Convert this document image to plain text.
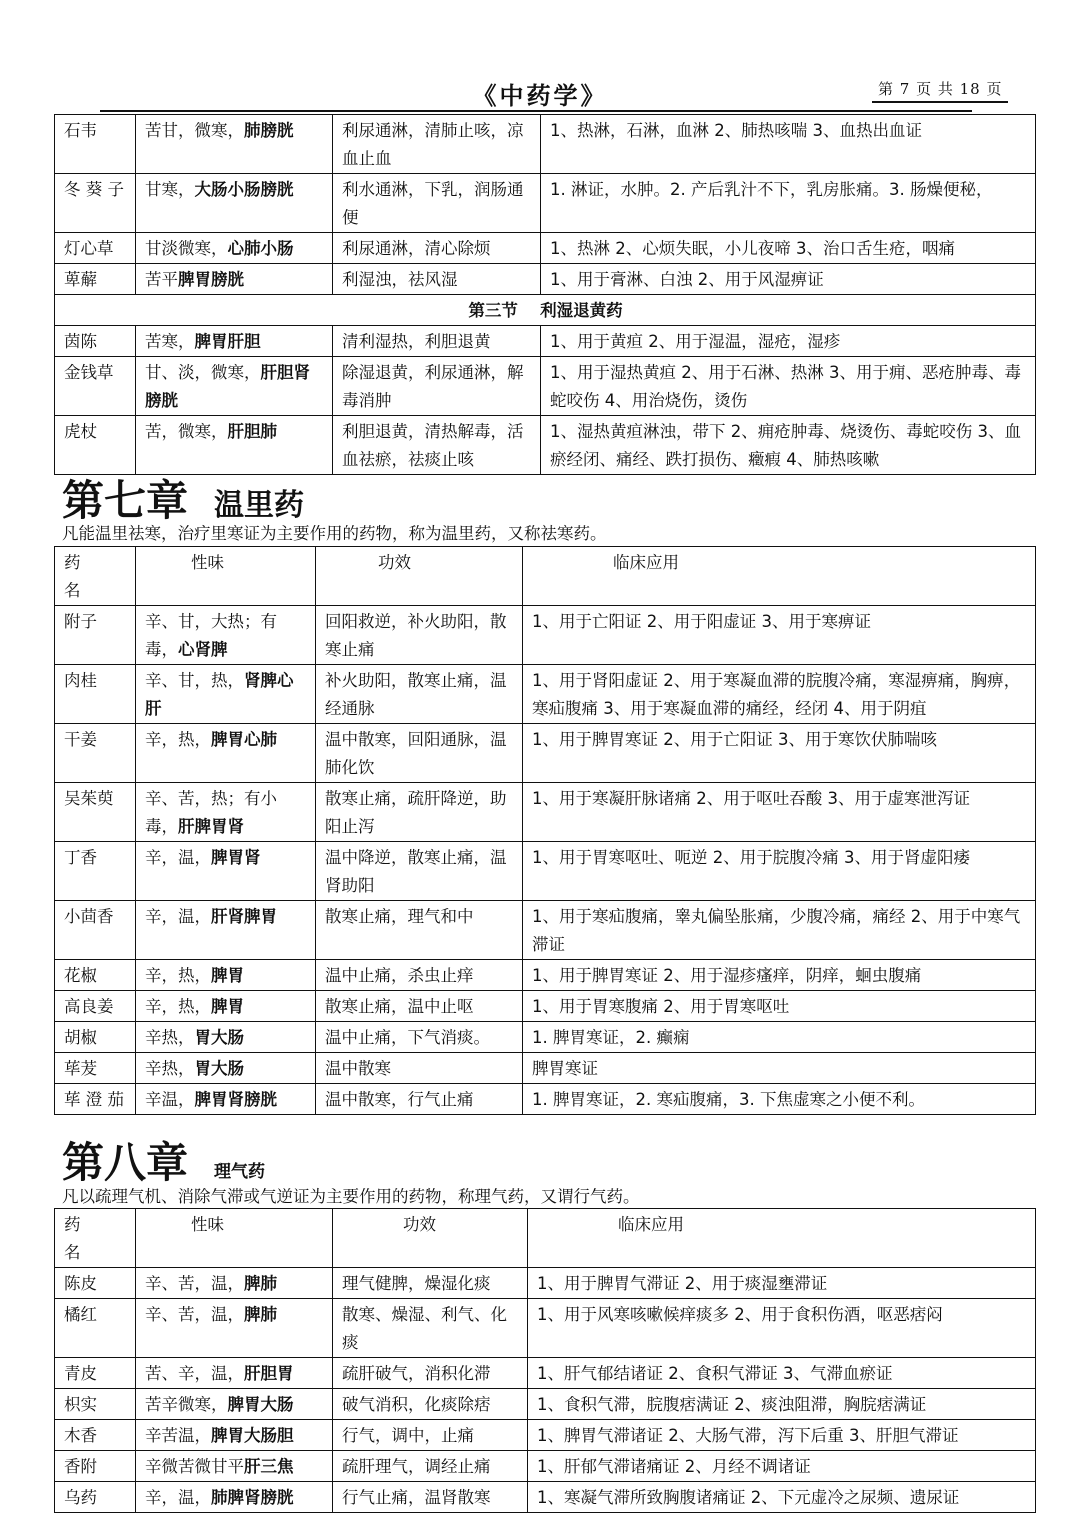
《中药学》	第 7 页 共 18 页
石韦	苦甘，微寒，肺膀胱	利尿通淋，清肺止咳，凉血止血	1、热淋，石淋，血淋 2、肺热咳喘 3、血热出血证
冬 葵 子	甘寒，大肠小肠膀胱	利水通淋，下乳，润肠通便	1. 淋证，水肿。2. 产后乳汁不下，乳房胀痛。3. 肠燥便秘，
灯心草	甘淡微寒，心肺小肠	利尿通淋，清心除烦	1、热淋 2、心烦失眠，小儿夜啼 3、治口舌生疮，咽痛
萆薢	苦平脾胃膀胱	利湿浊，祛风湿	1、用于膏淋、白浊 2、用于风湿痹证
第三节　 利湿退黄药			
茵陈	苦寒，脾胃肝胆	清利湿热，利胆退黄	1、用于黄疸 2、用于湿温，湿疮，湿疹
金钱草	甘、淡，微寒，肝胆肾膀胱	除湿退黄，利尿通淋，解毒消肿	1、用于湿热黄疸 2、用于石淋、热淋 3、用于痈、恶疮肿毒、毒蛇咬伤 4、用治烧伤，烫伤
虎杖	苦，微寒，肝胆肺	利胆退黄，清热解毒，活血祛瘀，祛痰止咳	1、湿热黄疸淋浊，带下 2、痈疮肿毒、烧烫伤、毒蛇咬伤 3、血瘀经闭、痛经、跌打损伤、癥瘕 4、肺热咳嗽
第七章 温里药
凡能温里祛寒，治疗里寒证为主要作用的药物，称为温里药，又称祛寒药。
药　　名	性味	功效	临床应用
附子	辛、甘，大热；有毒，心肾脾	回阳救逆，补火助阳，散寒止痛	1、用于亡阳证 2、用于阳虚证 3、用于寒痹证
肉桂	辛、甘，热，肾脾心肝	补火助阳，散寒止痛，温经通脉	1、用于肾阳虚证 2、用于寒凝血滞的脘腹冷痛，寒湿痹痛，胸痹，寒疝腹痛 3、用于寒凝血滞的痛经，经闭 4、用于阴疽
干姜	辛，热，脾胃心肺	温中散寒，回阳通脉，温肺化饮	1、用于脾胃寒证 2、用于亡阳证 3、用于寒饮伏肺喘咳
吴茱萸	辛、苦，热；有小毒，肝脾胃肾	散寒止痛，疏肝降逆，助阳止泻	1、用于寒凝肝脉诸痛 2、用于呕吐吞酸 3、用于虚寒泄泻证
丁香	辛，温，脾胃肾	温中降逆，散寒止痛，温肾助阳	1、用于胃寒呕吐、呃逆 2、用于脘腹冷痛 3、用于肾虚阳痿
小茴香	辛，温，肝肾脾胃	散寒止痛，理气和中	1、用于寒疝腹痛，睾丸偏坠胀痛，少腹冷痛，痛经 2、用于中寒气滞证
花椒	辛，热，脾胃	温中止痛，杀虫止痒	1、用于脾胃寒证 2、用于湿疹瘙痒，阴痒，蛔虫腹痛
高良姜	辛，热，脾胃	散寒止痛，温中止呕	1、用于胃寒腹痛 2、用于胃寒呕吐
胡椒	辛热，胃大肠	温中止痛，下气消痰。	1. 脾胃寒证，2. 癫痫
荜茇	辛热，胃大肠	温中散寒	脾胃寒证
荜 澄 茄	辛温，脾胃肾膀胱	温中散寒，行气止痛	1. 脾胃寒证，2. 寒疝腹痛，3. 下焦虚寒之小便不利。
第八章 理气药
凡以疏理气机、消除气滞或气逆证为主要作用的药物，称理气药，又谓行气药。
药　　名	性味	功效	临床应用
陈皮	辛、苦，温，脾肺	理气健脾，燥湿化痰	1、用于脾胃气滞证 2、用于痰湿壅滞证
橘红	辛、苦，温，脾肺	散寒、燥湿、利气、化痰	1、用于风寒咳嗽候痒痰多 2、用于食积伤酒，呕恶痞闷
青皮	苦、辛，温，肝胆胃	疏肝破气，消积化滞	1、肝气郁结诸证 2、食积气滞证 3、气滞血瘀证
枳实	苦辛微寒，脾胃大肠	破气消积，化痰除痞	1、食积气滞，脘腹痞满证 2、痰浊阻滞，胸脘痞满证
木香	辛苦温，脾胃大肠胆	行气，调中，止痛	1、脾胃气滞诸证 2、大肠气滞，泻下后重 3、肝胆气滞证
香附	辛微苦微甘平肝三焦	疏肝理气，调经止痛	1、肝郁气滞诸痛证 2、月经不调诸证
乌药	辛，温，肺脾肾膀胱	行气止痛，温肾散寒	1、寒凝气滞所致胸腹诸痛证 2、下元虚冷之尿频、遗尿证
